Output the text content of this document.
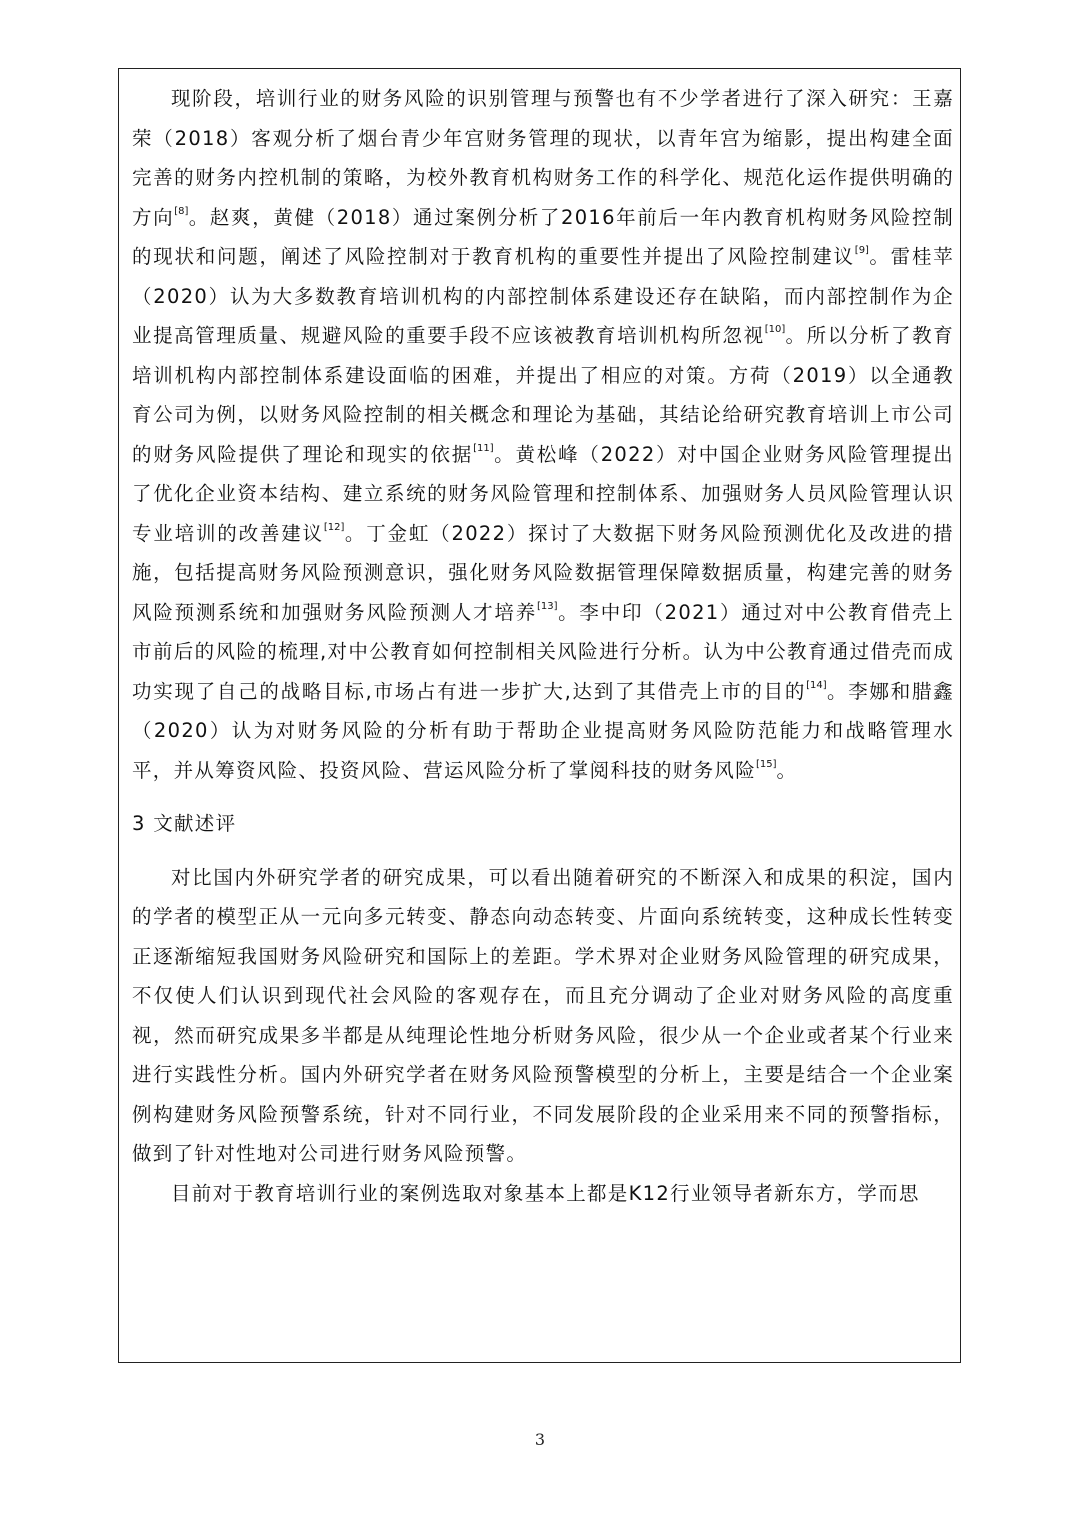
现阶段，培训行业的财务风险的识别管理与预警也有不少学者进行了深入研究：王嘉荣（2018）客观分析了烟台青少年宫财务管理的现状，以青年宫为缩影，提出构建全面完善的财务内控机制的策略，为校外教育机构财务工作的科学化、规范化运作提供明确的方向[8]。赵爽，黄健（2018）通过案例分析了2016年前后一年内教育机构财务风险控制的现状和问题，阐述了风险控制对于教育机构的重要性并提出了风险控制建议[9]。雷桂苹（2020）认为大多数教育培训机构的内部控制体系建设还存在缺陷，而内部控制作为企业提高管理质量、规避风险的重要手段不应该被教育培训机构所忽视[10]。所以分析了教育培训机构内部控制体系建设面临的困难，并提出了相应的对策。方荷（2019）以全通教育公司为例，以财务风险控制的相关概念和理论为基础，其结论给研究教育培训上市公司的财务风险提供了理论和现实的依据[11]。黄松峰（2022）对中国企业财务风险管理提出了优化企业资本结构、建立系统的财务风险管理和控制体系、加强财务人员风险管理认识专业培训的改善建议[12]。丁金虹（2022）探讨了大数据下财务风险预测优化及改进的措施，包括提高财务风险预测意识，强化财务风险数据管理保障数据质量，构建完善的财务风险预测系统和加强财务风险预测人才培养[13]。李中印（2021）通过对中公教育借壳上市前后的风险的梳理,对中公教育如何控制相关风险进行分析。认为中公教育通过借壳而成功实现了自己的战略目标,市场占有进一步扩大,达到了其借壳上市的目的[14]。李娜和腊鑫（2020）认为对财务风险的分析有助于帮助企业提高财务风险防范能力和战略管理水平，并从筹资风险、投资风险、营运风险分析了掌阅科技的财务风险[15]。

3 文献述评

对比国内外研究学者的研究成果，可以看出随着研究的不断深入和成果的积淀，国内的学者的模型正从一元向多元转变、静态向动态转变、片面向系统转变，这种成长性转变正逐渐缩短我国财务风险研究和国际上的差距。学术界对企业财务风险管理的研究成果，不仅使人们认识到现代社会风险的客观存在，而且充分调动了企业对财务风险的高度重视，然而研究成果多半都是从纯理论性地分析财务风险，很少从一个企业或者某个行业来进行实践性分析。国内外研究学者在财务风险预警模型的分析上，主要是结合一个企业案例构建财务风险预警系统，针对不同行业，不同发展阶段的企业采用来不同的预警指标，做到了针对性地对公司进行财务风险预警。

目前对于教育培训行业的案例选取对象基本上都是K12行业领导者新东方，学而思

3
